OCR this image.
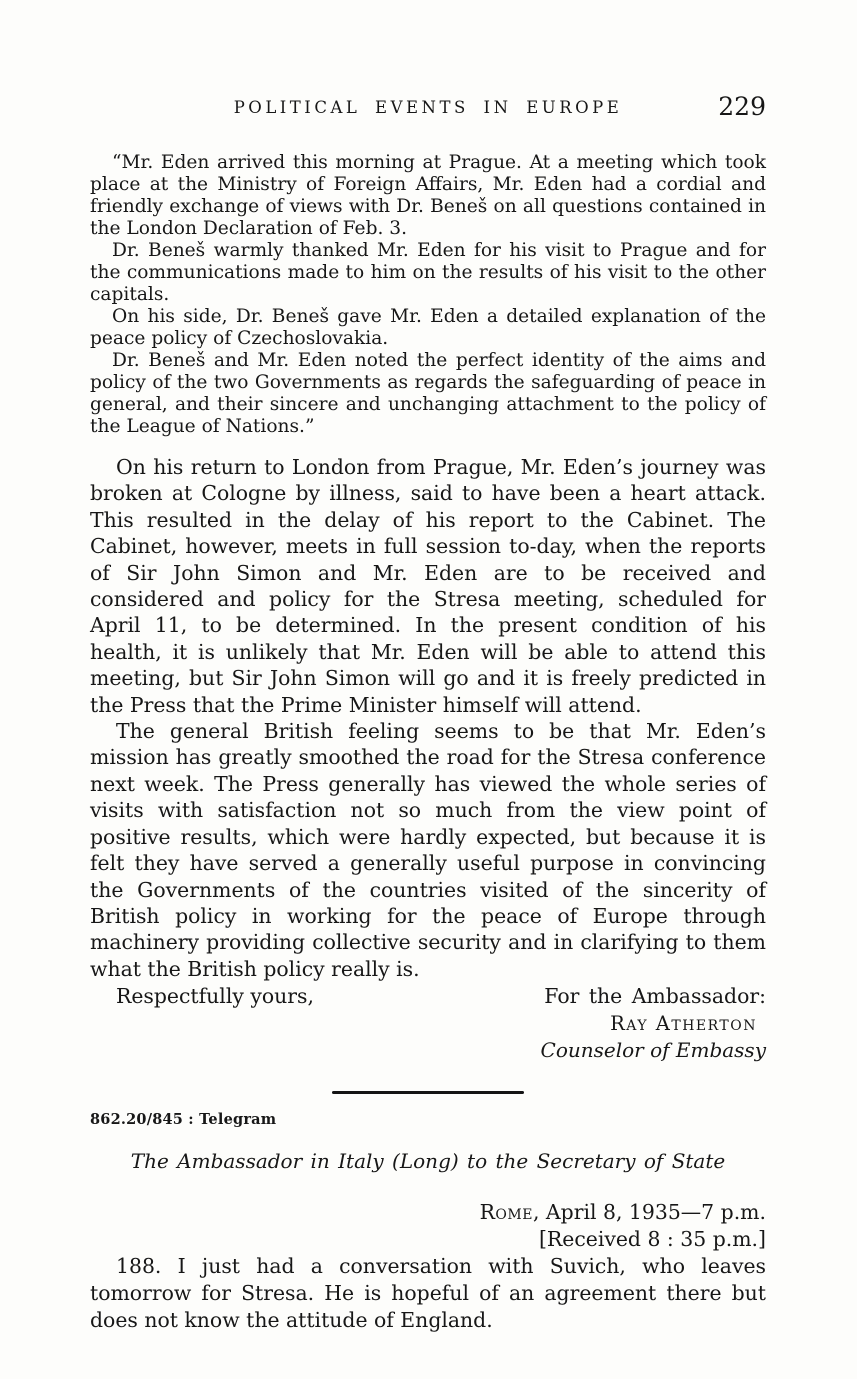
POLITICAL EVENTS IN EUROPE	229

“Mr. Eden arrived this morning at Prague. At a meeting which took place at the Ministry of Foreign Affairs, Mr. Eden had a cordial and friendly exchange of views with Dr. Beneš on all questions contained in the London Declaration of Feb. 3.

Dr. Beneš warmly thanked Mr. Eden for his visit to Prague and for the communications made to him on the results of his visit to the other capitals.

On his side, Dr. Beneš gave Mr. Eden a detailed explanation of the peace policy of Czechoslovakia.

Dr. Beneš and Mr. Eden noted the perfect identity of the aims and policy of the two Governments as regards the safeguarding of peace in general, and their sincere and unchanging attachment to the policy of the League of Nations.”

On his return to London from Prague, Mr. Eden’s journey was broken at Cologne by illness, said to have been a heart attack. This resulted in the delay of his report to the Cabinet. The Cabinet, however, meets in full session to-day, when the reports of Sir John Simon and Mr. Eden are to be received and considered and policy for the Stresa meeting, scheduled for April 11, to be determined. In the present condition of his health, it is unlikely that Mr. Eden will be able to attend this meeting, but Sir John Simon will go and it is freely predicted in the Press that the Prime Minister himself will attend.

The general British feeling seems to be that Mr. Eden’s mission has greatly smoothed the road for the Stresa conference next week. The Press generally has viewed the whole series of visits with satisfaction not so much from the view point of positive results, which were hardly expected, but because it is felt they have served a generally useful purpose in convincing the Governments of the countries visited of the sincerity of British policy in working for the peace of Europe through machinery providing collective security and in clarifying to them what the British policy really is.

Respectfully yours,	For the Ambassador:
Ray Atherton
Counselor of Embassy
862.20/845 : Telegram
The Ambassador in Italy (Long) to the Secretary of State
Rome, April 8, 1935—7 p.m.
[Received 8 : 35 p.m.]

188. I just had a conversation with Suvich, who leaves tomorrow for Stresa. He is hopeful of an agreement there but does not know the attitude of England.
